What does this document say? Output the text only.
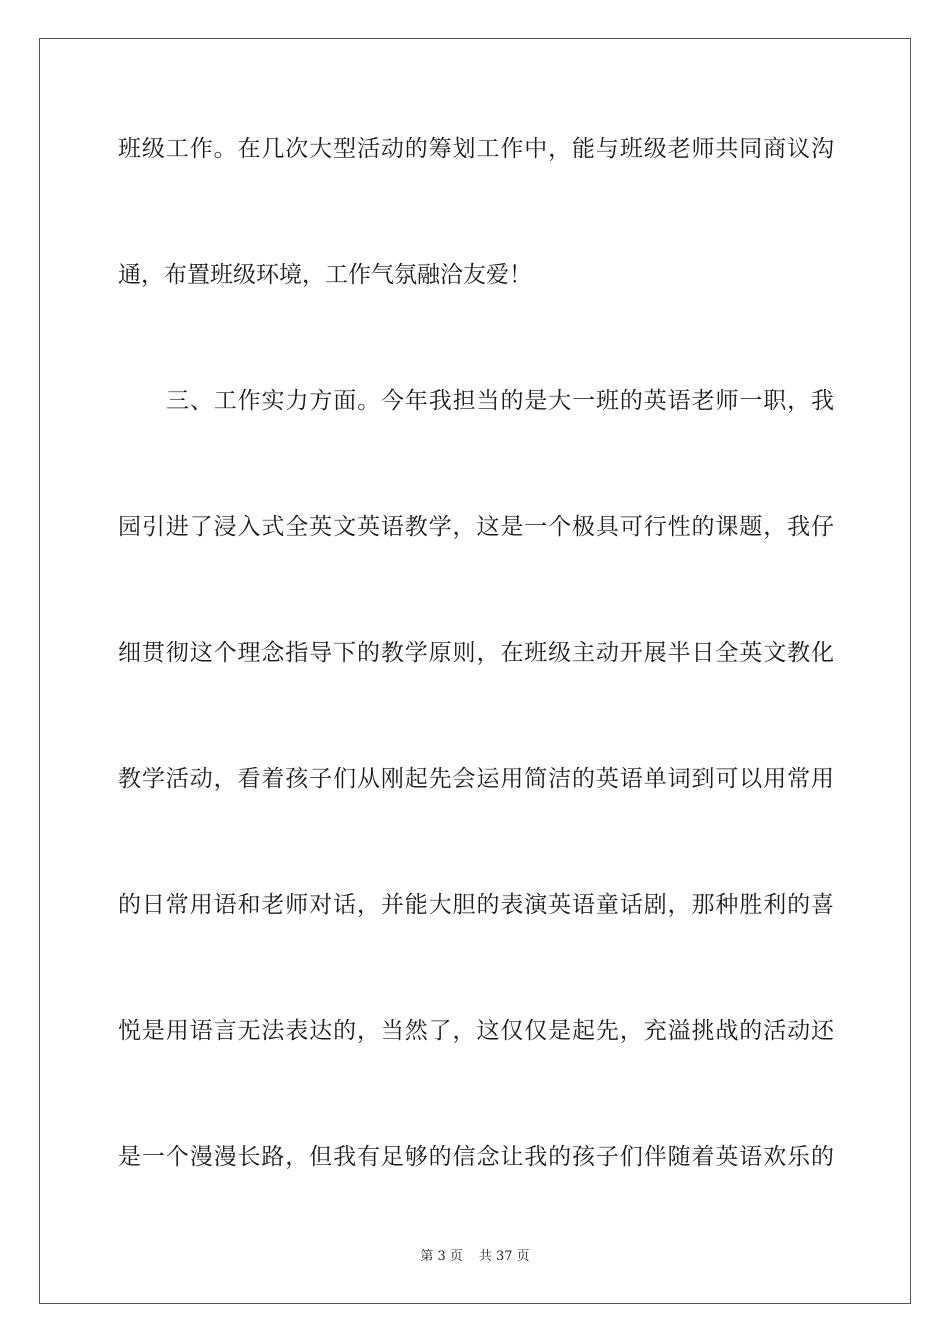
班级工作。在几次大型活动的筹划工作中，能与班级老师共同商议沟
通，布置班级环境，工作气氛融洽友爱！
三、工作实力方面。今年我担当的是大一班的英语老师一职，我
园引进了浸入式全英文英语教学，这是一个极具可行性的课题，我仔
细贯彻这个理念指导下的教学原则，在班级主动开展半日全英文教化
教学活动，看着孩子们从刚起先会运用简洁的英语单词到可以用常用
的日常用语和老师对话，并能大胆的表演英语童话剧，那种胜利的喜
悦是用语言无法表达的，当然了，这仅仅是起先，充溢挑战的活动还
是一个漫漫长路，但我有足够的信念让我的孩子们伴随着英语欢乐的
第 3 页 共 37 页
